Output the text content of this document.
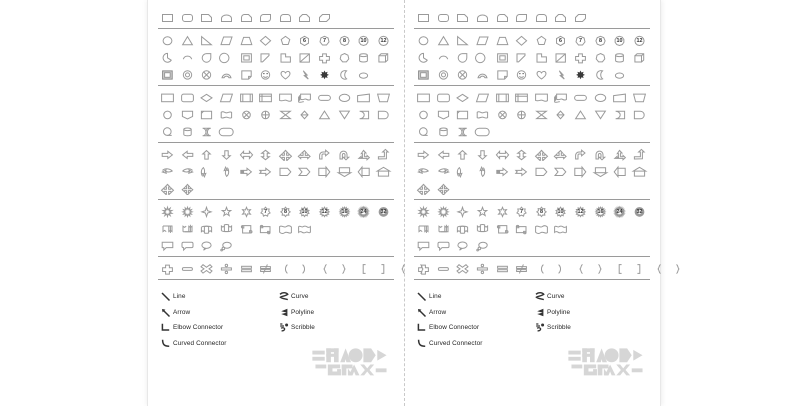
6	7	8	10	12
7	8	10	12	16	24	32
Line
Arrow
Elbow Connector
Curved Connector
Curve
Polyline
Scribble
6	7	8	10	12
7	8	10	12	16	24	32
Line
Arrow
Elbow Connector
Curved Connector
Curve
Polyline
Scribble
